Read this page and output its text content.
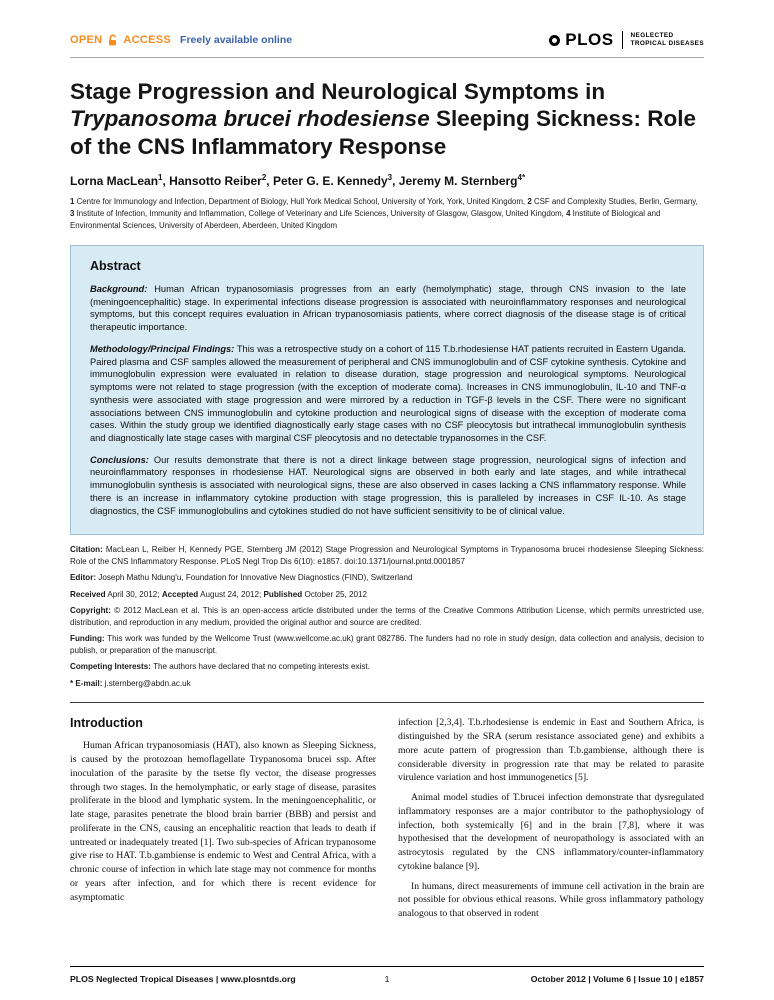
OPEN ACCESS Freely available online	PLOS	NEGLECTED
TROPICAL DISEASES
Stage Progression and Neurological Symptoms in Trypanosoma brucei rhodesiense Sleeping Sickness: Role of the CNS Inflammatory Response
Lorna MacLean$^1$ , Hansotto Reiber$^2$ , Peter G. E. Kennedy$^3$ , Jeremy M. Sternberg$^{4*}$

1 Centre for Immunology and Infection, Department of Biology, Hull York Medical School, University of York, York, United Kingdom, 2 CSF and Complexity Studies, Berlin, Germany, 3 Institute of Infection, Immunity and Inflammation, College of Veterinary and Life Sciences, University of Glasgow, Glasgow, United Kingdom, 4 Institute of Biological and Environmental Sciences, University of Aberdeen, Aberdeen, United Kingdom

Abstract

Background: Human African trypanosomiasis progresses from an early (hemolymphatic) stage, through CNS invasion to the late (meningoencephalitic) stage. In experimental infections disease progression is associated with neuroinflammatory responses and neurological symptoms, but this concept requires evaluation in African trypanosomiasis patients, where correct diagnosis of the disease stage is of critical therapeutic importance.

Methodology/Principal Findings: This was a retrospective study on a cohort of 115 T.b.rhodesiense HAT patients recruited in Eastern Uganda. Paired plasma and CSF samples allowed the measurement of peripheral and CNS immunoglobulin and of CSF cytokine synthesis. Cytokine and immunoglobulin expression were evaluated in relation to disease duration, stage progression and neurological symptoms. Neurological symptoms were not related to stage progression (with the exception of moderate coma). Increases in CNS immunoglobulin, IL-10 and TNF-α synthesis were associated with stage progression and were mirrored by a reduction in TGF-β levels in the CSF. There were no significant associations between CNS immunoglobulin and cytokine production and neurological signs of disease with the exception of moderate coma cases. Within the study group we identified diagnostically early stage cases with no CSF pleocytosis but intrathecal immunoglobulin synthesis and diagnostically late stage cases with marginal CSF pleocytosis and no detectable trypanosomes in the CSF.

Conclusions: Our results demonstrate that there is not a direct linkage between stage progression, neurological signs of infection and neuroinflammatory responses in rhodesiense HAT. Neurological signs are observed in both early and late stages, and while intrathecal immunoglobulin synthesis is associated with neurological signs, these are also observed in cases lacking a CNS inflammatory response. While there is an increase in inflammatory cytokine production with stage progression, this is paralleled by increases in CSF IL-10. As stage diagnostics, the CSF immunoglobulins and cytokines studied do not have sufficient sensitivity to be of clinical value.

Citation: MacLean L, Reiber H, Kennedy PGE, Sternberg JM (2012) Stage Progression and Neurological Symptoms in Trypanosoma brucei rhodesiense Sleeping Sickness: Role of the CNS Inflammatory Response. PLoS Negl Trop Dis 6(10): e1857. doi:10.1371/journal.pntd.0001857

Editor: Joseph Mathu Ndung'u, Foundation for Innovative New Diagnostics (FIND), Switzerland

Received April 30, 2012; Accepted August 24, 2012; Published October 25, 2012

Copyright: © 2012 MacLean et al. This is an open-access article distributed under the terms of the Creative Commons Attribution License, which permits unrestricted use, distribution, and reproduction in any medium, provided the original author and source are credited.

Funding: This work was funded by the Wellcome Trust (www.wellcome.ac.uk) grant 082786. The funders had no role in study design, data collection and analysis, decision to publish, or preparation of the manuscript.

Competing Interests: The authors have declared that no competing interests exist.

* E-mail: j.sternberg@abdn.ac.uk

Introduction

Human African trypanosomiasis (HAT), also known as Sleeping Sickness, is caused by the protozoan hemoflagellate Trypanosoma brucei ssp. After inoculation of the parasite by the tsetse fly vector, the disease progresses through two stages. In the hemolymphatic, or early stage of disease, parasites proliferate in the blood and lymphatic system. In the meningoencephalitic, or late stage, parasites penetrate the blood brain barrier (BBB) and persist and proliferate in the CNS, causing an encephalitic reaction that leads to death if untreated or inadequately treated [1]. Two sub-species of African trypanosome give rise to HAT. T.b.gambiense is endemic to West and Central Africa, with a chronic course of infection in which late stage may not commence for months or years after infection, and for which there is recent evidence for asymptomatic

infection [2,3,4]. T.b.rhodesiense is endemic in East and Southern Africa, is distinguished by the SRA (serum resistance associated gene) and exhibits a more acute pattern of progression than T.b.gambiense, although there is considerable diversity in progression rate that may be related to parasite virulence variation and host immunogenetics [5].

Animal model studies of T.brucei infection demonstrate that dysregulated inflammatory responses are a major contributor to the pathophysiology of infection, both systemically [6] and in the brain [7,8], where it was hypothesised that the development of neuropathology is associated with an astrocytosis regulated by the CNS inflammatory/counter-inflammatory cytokine balance [9].

In humans, direct measurements of immune cell activation in the brain are not possible for obvious ethical reasons. While gross inflammatory pathology analogous to that observed in rodent

PLOS Neglected Tropical Diseases | www.plosntds.org	1	October 2012 | Volume 6 | Issue 10 | e1857
